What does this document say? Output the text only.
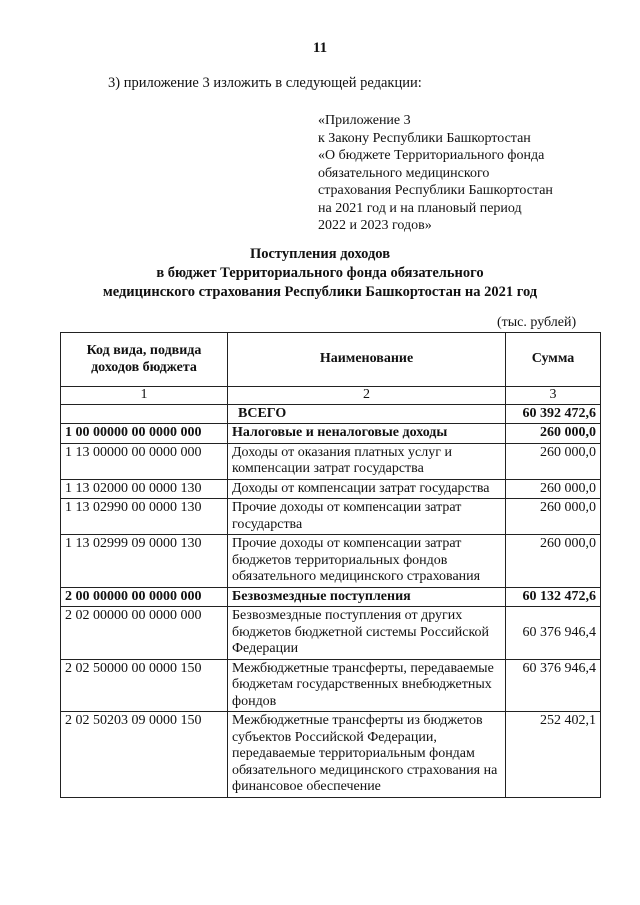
11
3) приложение 3 изложить в следующей редакции:
«Приложение 3
к Закону Республики Башкортостан
«О бюджете Территориального фонда
обязательного медицинского
страхования Республики Башкортостан
на 2021 год и на плановый период
2022 и 2023 годов»
Поступления доходов
в бюджет Территориального фонда обязательного
медицинского страхования Республики Башкортостан на 2021 год
(тыс. рублей)
Код вида, подвида доходов бюджета	Наименование	Сумма
1	2	3
	ВСЕГО	60 392 472,6
1 00 00000 00 0000 000	Налоговые и неналоговые доходы	260 000,0
1 13 00000 00 0000 000	Доходы от оказания платных услуг и компенсации затрат государства	260 000,0
1 13 02000 00 0000 130	Доходы от компенсации затрат государства	260 000,0
1 13 02990 00 0000 130	Прочие доходы от компенсации затрат государства	260 000,0
1 13 02999 09 0000 130	Прочие доходы от компенсации затрат бюджетов территориальных фондов обязательного медицинского страхования	260 000,0
2 00 00000 00 0000 000	Безвозмездные поступления	60 132 472,6
2 02 00000 00 0000 000	Безвозмездные поступления от других бюджетов бюджетной системы Российской Федерации	60 376 946,4
2 02 50000 00 0000 150	Межбюджетные трансферты, передаваемые бюджетам государственных внебюджетных фондов	60 376 946,4
2 02 50203 09 0000 150	Межбюджетные трансферты из бюджетов субъектов Российской Федерации, передаваемые территориальным фондам обязательного медицинского страхования на финансовое обеспечение	252 402,1
